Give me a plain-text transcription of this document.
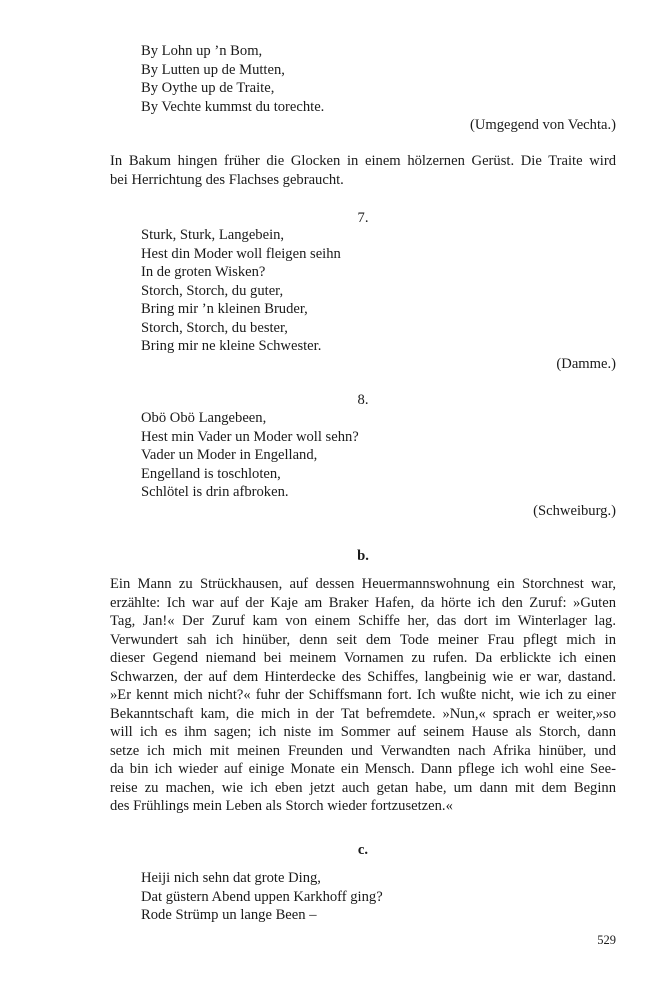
By Lohn up ’n Bom,
By Lutten up de Mutten,
By Oythe up de Traite,
By Vechte kummst du torechte.
(Umgegend von Vechta.)
In Bakum hingen früher die Glocken in einem hölzernen Gerüst. Die Traite wird
bei Herrichtung des Flachses gebraucht.
7.
Sturk, Sturk, Langebein,
Hest din Moder woll fleigen seihn
In de groten Wisken?
Storch, Storch, du guter,
Bring mir ’n kleinen Bruder,
Storch, Storch, du bester,
Bring mir ne kleine Schwester.
(Damme.)
8.
Obö Obö Langebeen,
Hest min Vader un Moder woll sehn?
Vader un Moder in Engelland,
Engelland is toschloten,
Schlötel is drin afbroken.
(Schweiburg.)
b.
Ein Mann zu Strückhausen, auf dessen Heuermannswohnung ein Storchnest war,
erzählte: Ich war auf der Kaje am Braker Hafen, da hörte ich den Zuruf: »Guten
Tag, Jan!« Der Zuruf kam von einem Schiffe her, das dort im Winterlager lag.
Verwundert sah ich hinüber, denn seit dem Tode meiner Frau pflegt mich in
dieser Gegend niemand bei meinem Vornamen zu rufen. Da erblickte ich einen
Schwarzen, der auf dem Hinterdecke des Schiffes, langbeinig wie er war, dastand.
»Er kennt mich nicht?« fuhr der Schiffsmann fort. Ich wußte nicht, wie ich zu einer
Bekanntschaft kam, die mich in der Tat befremdete. »Nun,« sprach er weiter,»so
will ich es ihm sagen; ich niste im Sommer auf seinem Hause als Storch, dann
setze ich mich mit meinen Freunden und Verwandten nach Afrika hinüber, und
da bin ich wieder auf einige Monate ein Mensch. Dann pflege ich wohl eine See-
reise zu machen, wie ich eben jetzt auch getan habe, um dann mit dem Beginn
des Frühlings mein Leben als Storch wieder fortzusetzen.«
c.
Heiji nich sehn dat grote Ding,
Dat güstern Abend uppen Karkhoff ging?
Rode Strümp un lange Been –
529
